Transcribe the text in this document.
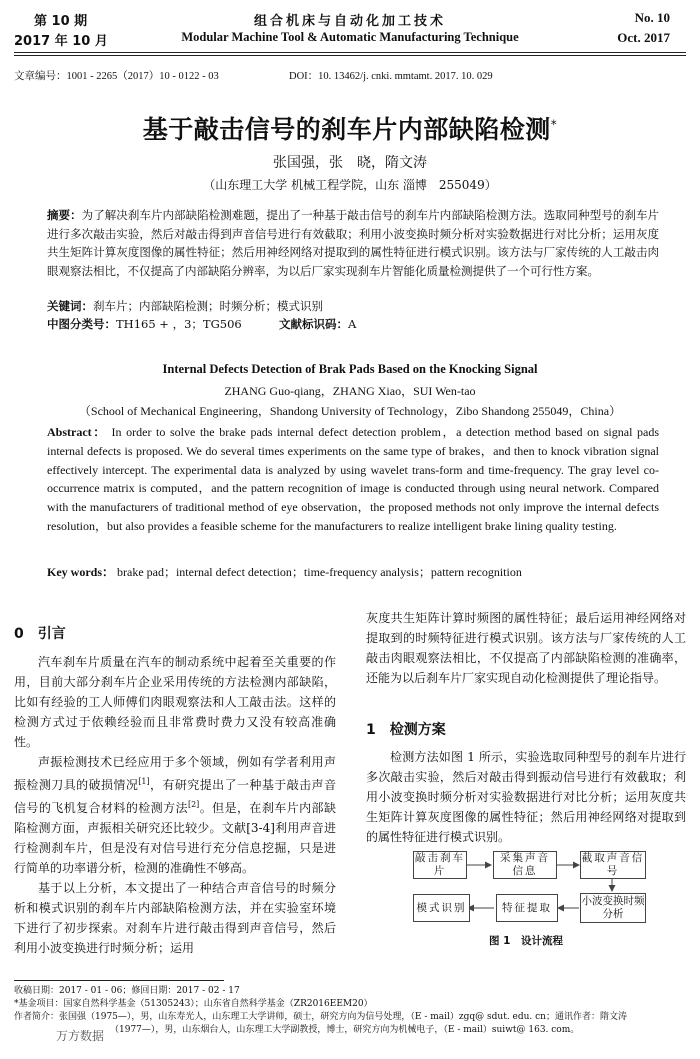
第 10 期
2017 年 10 月
组合机床与自动化加工技术
Modular Machine Tool & Automatic Manufacturing Technique
No. 10
Oct. 2017
文章编号：1001 - 2265（2017）10 - 0122 - 03	DOI：10. 13462/j. cnki. mmtamt. 2017. 10. 029
基于敲击信号的刹车片内部缺陷检测*
张国强，张　晓，隋文涛
（山东理工大学 机械工程学院，山东 淄博　255049）
摘要：为了解决刹车片内部缺陷检测难题，提出了一种基于敲击信号的刹车片内部缺陷检测方法。选取同种型号的刹车片进行多次敲击实验，然后对敲击得到声音信号进行有效截取；利用小波变换时频分析对实验数据进行对比分析；运用灰度共生矩阵计算灰度图像的属性特征；然后用神经网络对提取到的属性特征进行模式识别。该方法与厂家传统的人工敲击肉眼观察法相比，不仅提高了内部缺陷分辨率，为以后厂家实现刹车片智能化质量检测提供了一个可行性方案。
关键词：刹车片；内部缺陷检测；时频分析；模式识别
中图分类号：TH165 + ，3；TG506	文献标识码：A
Internal Defects Detection of Brak Pads Based on the Knocking Signal
ZHANG Guo-qiang，ZHANG Xiao，SUI Wen-tao
（School of Mechanical Engineering，Shandong University of Technology，Zibo Shandong 255049，China）
Abstract： In order to solve the brake pads internal defect detection problem，a detection method based on signal pads internal defects is proposed. We do several times experiments on the same type of brakes，and then to knock vibration signal effectively intercept. The experimental data is analyzed by using wavelet trans-form and time-frequency. The gray level co-occurrence matrix is computed，and the pattern recognition of image is conducted through using neural network. Compared with the manufacturers of traditional method of eye observation，the proposed methods not only improve the internal defects resolution，but also provides a feasible scheme for the manufacturers to realize intelligent brake lining quality testing.
Key words： brake pad；internal defect detection；time-frequency analysis；pattern recognition
0　引言

汽车刹车片质量在汽车的制动系统中起着至关重要的作用，目前大部分刹车片企业采用传统的方法检测内部缺陷，比如有经验的工人师傅们肉眼观察法和人工敲击法。这样的检测方式过于依赖经验而且非常费时费力又没有较高准确性。

声振检测技术已经应用于多个领域，例如有学者利用声振检测刀具的破损情况[1]，有研究提出了一种基于敲击声音信号的飞机复合材料的检测方法[2]。但是，在刹车片内部缺陷检测方面，声振相关研究还比较少。文献[3-4]利用声音进行检测刹车片，但是没有对信号进行充分信息挖掘，只是进行简单的功率谱分析，检测的准确性不够高。

基于以上分析，本文提出了一种结合声音信号的时频分析和模式识别的刹车片内部缺陷检测方法，并在实验室环境下进行了初步探索。对刹车片进行敲击得到声音信号，然后利用小波变换进行时频分析；运用

灰度共生矩阵计算时频图的属性特征；最后运用神经网络对提取到的时频特征进行模式识别。该方法与厂家传统的人工敲击肉眼观察法相比，不仅提高了内部缺陷检测的准确率，还能为以后刹车片厂家实现自动化检测提供了理论指导。

1　检测方案

检测方法如图 1 所示，实验选取同种型号的刹车片进行多次敲击实验，然后对敲击得到振动信号进行有效截取；利用小波变换时频分析对实验数据进行对比分析；运用灰度共生矩阵计算灰度图像的属性特征；然后用神经网络对提取到的属性特征进行模式识别。

敲击刹车片
采集声音信息
截取声音信号
小波变换时频分析
特征提取
模式识别
图 1　设计流程
收稿日期：2017 - 01 - 06；修回日期：2017 - 02 - 17
*基金项目：国家自然科学基金（51305243）；山东省自然科学基金（ZR2016EEM20）
作者简介：张国强（1975—），男，山东寿光人，山东理工大学讲师，硕士，研究方向为信号处理，（E - mail）zgq@ sdut. edu. cn；通讯作者：隋文涛
（1977—），男，山东烟台人，山东理工大学副教授，博士，研究方向为机械电子，（E - mail）suiwt@ 163. com。
万方数据
